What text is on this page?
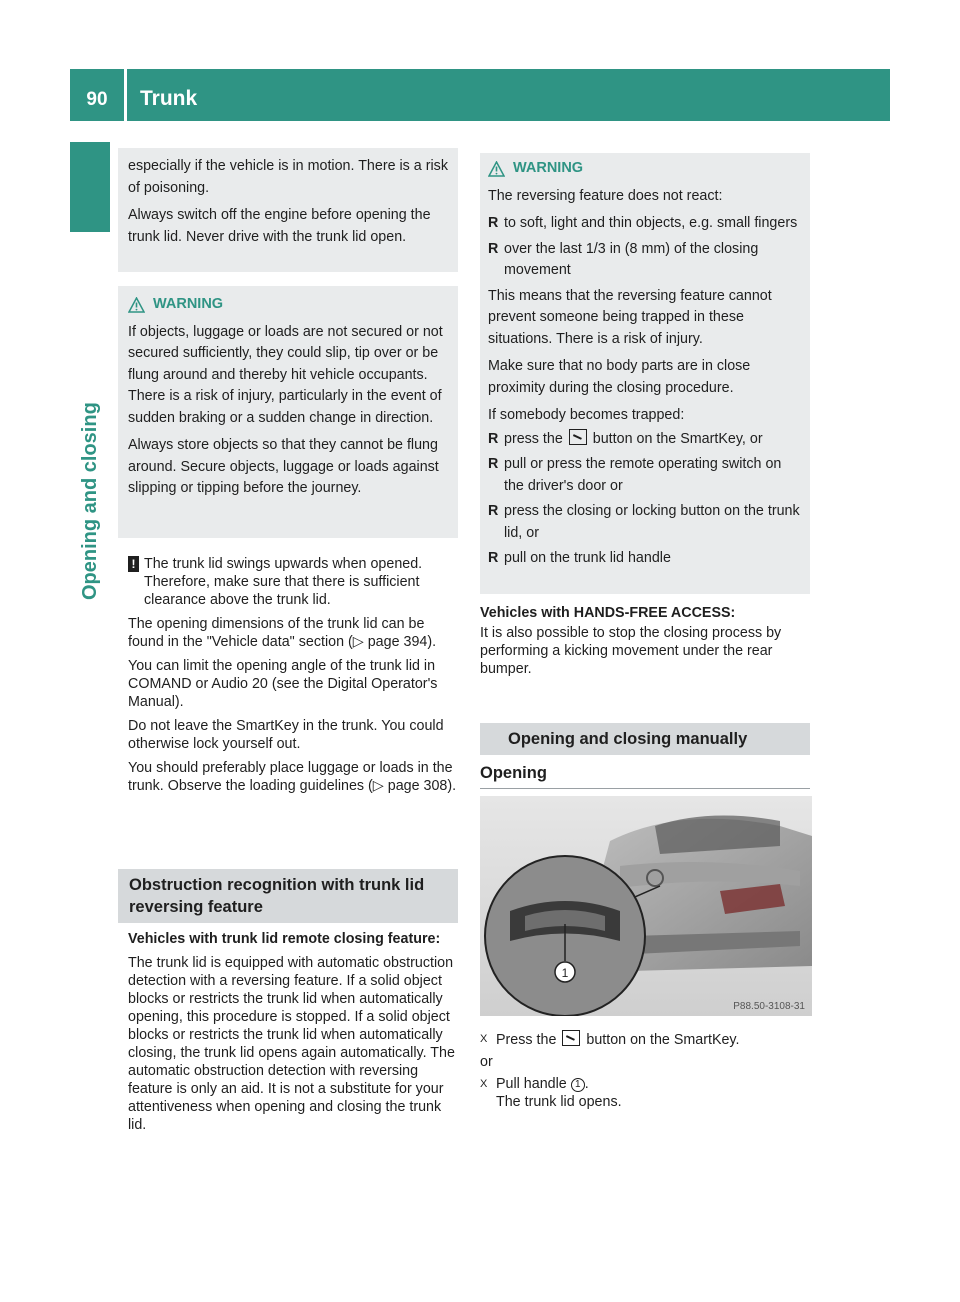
90	Trunk
Opening and closing

especially if the vehicle is in motion. There is a risk of poisoning.

Always switch off the engine before opening the trunk lid. Never drive with the trunk lid open.

WARNING

If objects, luggage or loads are not secured or not secured sufficiently, they could slip, tip over or be flung around and thereby hit vehicle occupants. There is a risk of injury, particularly in the event of sudden braking or a sudden change in direction.

Always store objects so that they cannot be flung around. Secure objects, luggage or loads against slipping or tipping before the journey.

! The trunk lid swings upwards when opened. Therefore, make sure that there is sufficient clearance above the trunk lid.

The opening dimensions of the trunk lid can be found in the "Vehicle data" section (▷ page 394).

You can limit the opening angle of the trunk lid in COMAND or Audio 20 (see the Digital Operator's Manual).

Do not leave the SmartKey in the trunk. You could otherwise lock yourself out.

You should preferably place luggage or loads in the trunk. Observe the loading guidelines (▷ page 308).

Obstruction recognition with trunk lid reversing feature

Vehicles with trunk lid remote closing feature:

The trunk lid is equipped with automatic obstruction detection with a reversing feature. If a solid object blocks or restricts the trunk lid when automatically opening, this procedure is stopped. If a solid object blocks or restricts the trunk lid when automatically closing, the trunk lid opens again automatically. The automatic obstruction detection with reversing feature is only an aid. It is not a substitute for your attentiveness when opening and closing the trunk lid.

WARNING

The reversing feature does not react:

R to soft, light and thin objects, e.g. small fingers
R over the last 1/3 in (8 mm) of the closing movement

This means that the reversing feature cannot prevent someone being trapped in these situations. There is a risk of injury.

Make sure that no body parts are in close proximity during the closing procedure.

If somebody becomes trapped:

R press the button on the SmartKey, or
R pull or press the remote operating switch on the driver's door or
R press the closing or locking button on the trunk lid, or
R pull on the trunk lid handle

Vehicles with HANDS-FREE ACCESS:

It is also possible to stop the closing process by performing a kicking movement under the rear bumper.

Opening and closing manually
Opening
1
P88.50-3108-31
X Press the button on the SmartKey.

or

X Pull handle 1 .
The trunk lid opens.
